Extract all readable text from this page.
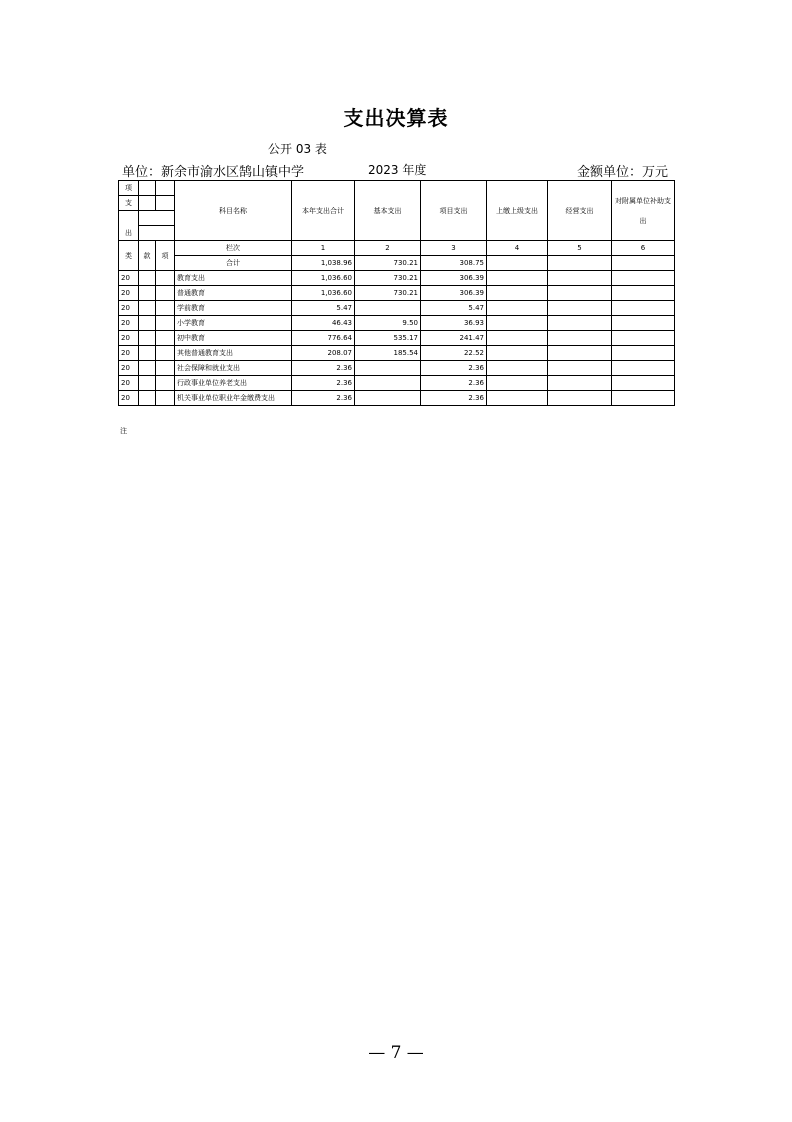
支出决算表
公开 03 表
单位：新余市渝水区鹄山镇中学	2023 年度	金额单位：万元
项			科目名称	本年支出合计	基本支出	项目支出	上缴上级支出	经营支出	对附属单位补助支出
支									

出									
类	款	项	栏次	1	2	3	4	5	6
			合计	1,038.96	730.21	308.75			
20			教育支出	1,036.60	730.21	306.39			
20			普通教育	1,036.60	730.21	306.39			
20			学前教育	5.47		5.47			
20			小学教育	46.43	9.50	36.93			
20			初中教育	776.64	535.17	241.47			
20			其他普通教育支出	208.07	185.54	22.52			
20			社会保障和就业支出	2.36		2.36			
20			行政事业单位养老支出	2.36		2.36			
20			机关事业单位职业年金缴费支出	2.36		2.36			
注
— 7 —
